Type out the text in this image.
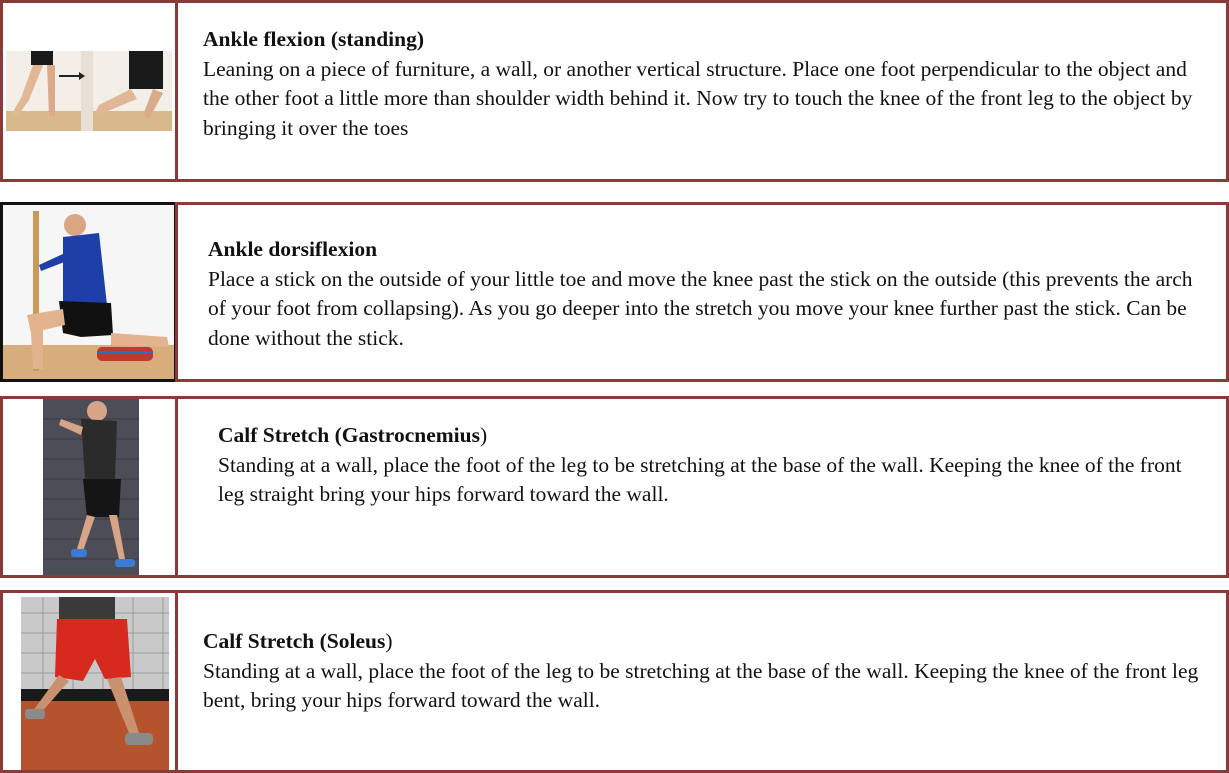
Ankle flexion (standing)
Leaning on a piece of furniture, a wall, or another vertical structure. Place one foot perpendicular to the object and the other foot a little more than shoulder width behind it. Now try to touch the knee of the front leg to the object by bringing it over the toes
Ankle dorsiflexion
Place a stick on the outside of your little toe and move the knee past the stick on the outside (this prevents the arch of your foot from collapsing). As you go deeper into the stretch you move your knee further past the stick. Can be done without the stick.
Calf Stretch (Gastrocnemius)
Standing at a wall, place the foot of the leg to be stretching at the base of the wall. Keeping the knee of the front leg straight bring your hips forward toward the wall.
Calf Stretch (Soleus)
Standing at a wall, place the foot of the leg to be stretching at the base of the wall. Keeping the knee of the front leg bent, bring your hips forward toward the wall.
